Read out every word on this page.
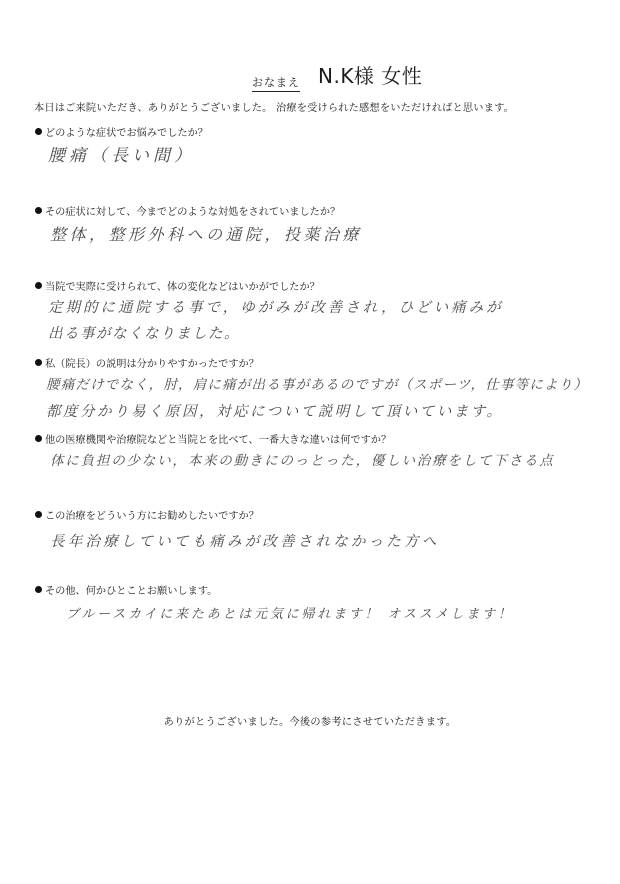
おなまえ N.K様 女性
本日はご来院いただき、ありがとうございました。 治療を受けられた感想をいただければと思います。
どのような症状でお悩みでしたか？
腰痛（長い間）
その症状に対して、今までどのような対処をされていましたか？
整体，整形外科への通院，投薬治療
当院で実際に受けられて、体の変化などはいかがでしたか？
定期的に通院する事で，ゆがみが改善され，ひどい痛みが
出る事がなくなりました。
私（院長）の説明は分かりやすかったですか？
腰痛だけでなく，肘，肩に痛が出る事があるのですが（スポーツ，仕事等により）
都度分かり易く原因，対応について説明して頂いています。
他の医療機関や治療院などと当院とを比べて、一番大きな違いは何ですか？
体に負担の少ない，本来の動きにのっとった，優しい治療をして下さる点
この治療をどういう方にお勧めしたいですか？
長年治療していても痛みが改善されなかった方へ
その他、何かひとことお願いします。
ブルースカイに来たあとは元気に帰れます！ オススメします！
ありがとうございました。今後の参考にさせていただきます。
